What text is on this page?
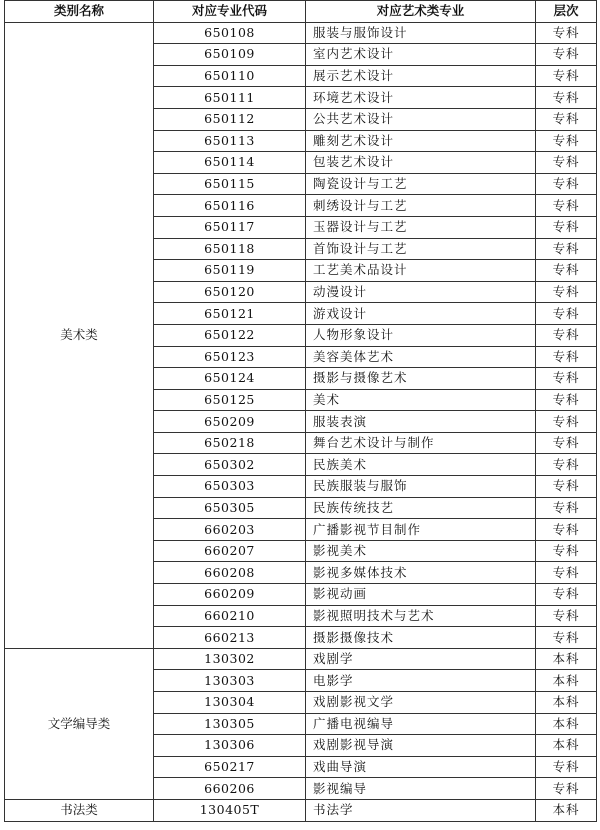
类别名称	对应专业代码	对应艺术类专业	层次
美术类	650108	服装与服饰设计	专科
	650109	室内艺术设计	专科
	650110	展示艺术设计	专科
	650111	环境艺术设计	专科
	650112	公共艺术设计	专科
	650113	雕刻艺术设计	专科
	650114	包装艺术设计	专科
	650115	陶瓷设计与工艺	专科
	650116	刺绣设计与工艺	专科
	650117	玉器设计与工艺	专科
	650118	首饰设计与工艺	专科
	650119	工艺美术品设计	专科
	650120	动漫设计	专科
	650121	游戏设计	专科
	650122	人物形象设计	专科
	650123	美容美体艺术	专科
	650124	摄影与摄像艺术	专科
	650125	美术	专科
	650209	服装表演	专科
	650218	舞台艺术设计与制作	专科
	650302	民族美术	专科
	650303	民族服装与服饰	专科
	650305	民族传统技艺	专科
	660203	广播影视节目制作	专科
	660207	影视美术	专科
	660208	影视多媒体技术	专科
	660209	影视动画	专科
	660210	影视照明技术与艺术	专科
	660213	摄影摄像技术	专科
文学编导类	130302	戏剧学	本科
	130303	电影学	本科
	130304	戏剧影视文学	本科
	130305	广播电视编导	本科
	130306	戏剧影视导演	本科
	650217	戏曲导演	专科
	660206	影视编导	专科
书法类	130405T	书法学	本科
